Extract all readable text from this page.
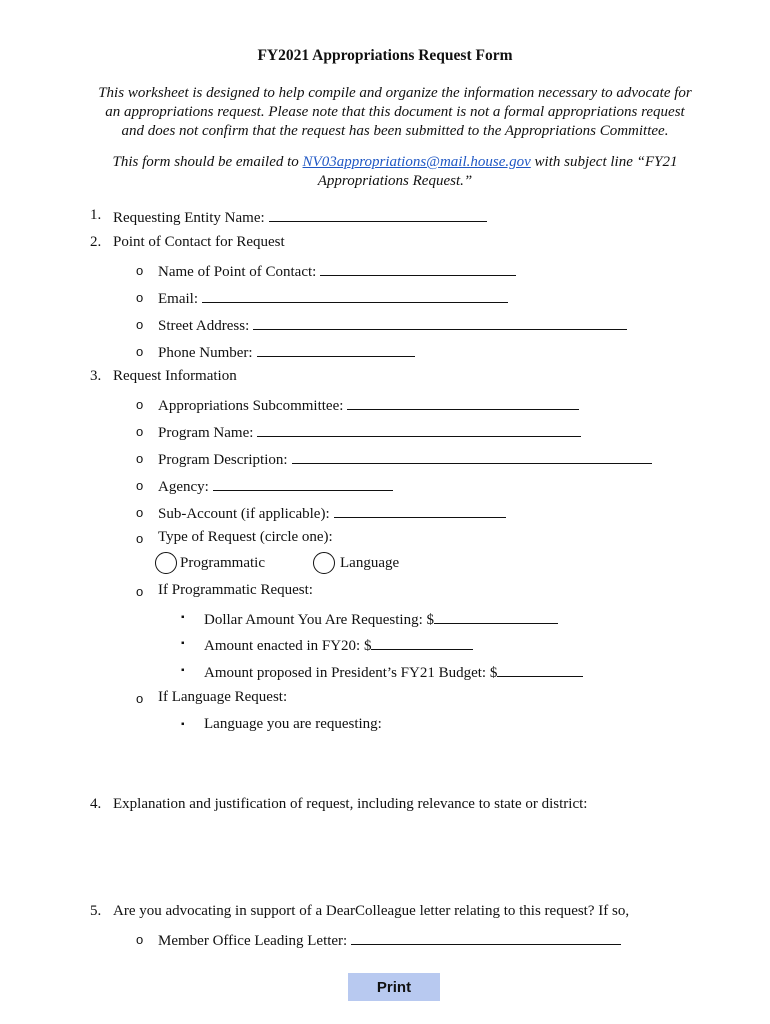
FY2021 Appropriations Request Form
This worksheet is designed to help compile and organize the information necessary to advocate for
an appropriations request. Please note that this document is not a formal appropriations request
and does not confirm that the request has been submitted to the Appropriations Committee.
This form should be emailed to NV03appropriations@mail.house.gov with subject line “FY21
Appropriations Request.”
1. Requesting Entity Name:
2. Point of Contact for Request
o Name of Point of Contact:
o Email:
o Street Address:
o Phone Number:
3. Request Information
o Appropriations Subcommittee:
o Program Name:
o Program Description:
o Agency:
o Sub-Account (if applicable):
o Type of Request (circle one):
Programmatic	Language
o If Programmatic Request:
▪ Dollar Amount You Are Requesting: $
▪ Amount enacted in FY20: $
▪ Amount proposed in President’s FY21 Budget: $
o If Language Request:
▪ Language you are requesting:
4. Explanation and justification of request, including relevance to state or district:
5. Are you advocating in support of a DearColleague letter relating to this request? If so,
o Member Office Leading Letter:
Print
